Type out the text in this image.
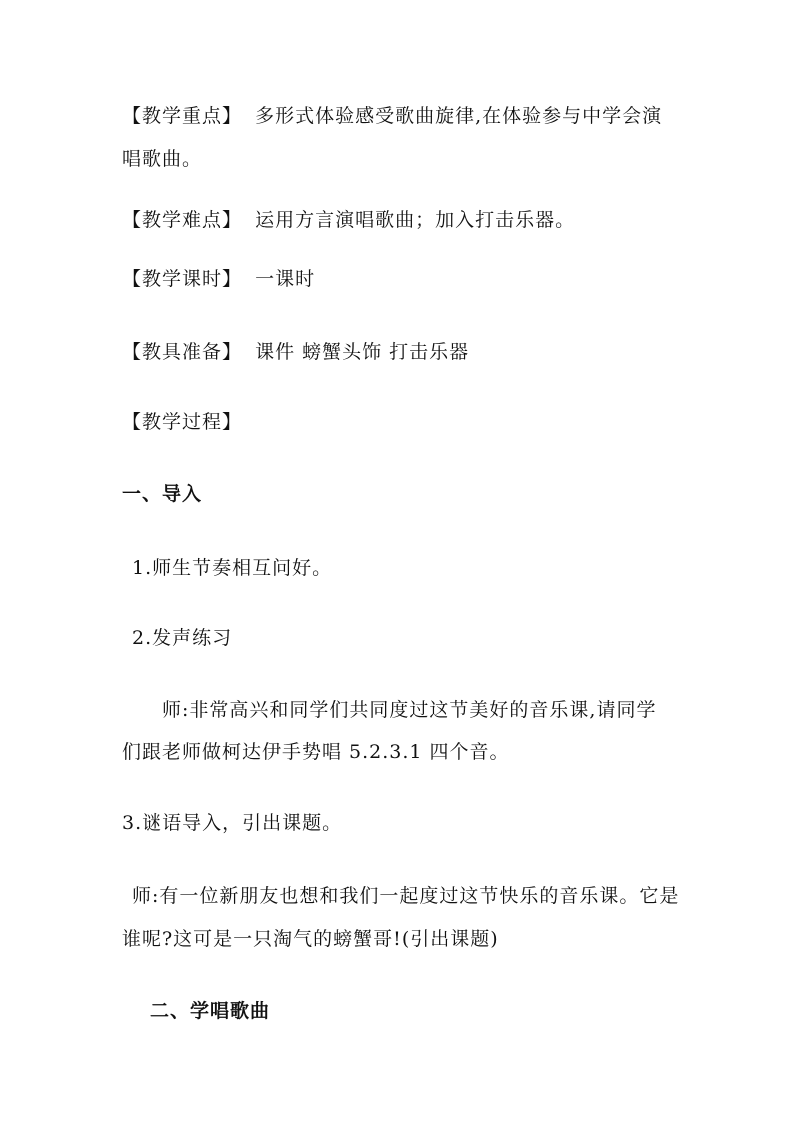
【教学重点】 多形式体验感受歌曲旋律,在体验参与中学会演
唱歌曲。
【教学难点】 运用方言演唱歌曲；加入打击乐器。
【教学课时】 一课时
【教具准备】 课件 螃蟹头饰 打击乐器
【教学过程】
一、导入
1.师生节奏相互问好。
2.发声练习
师:非常高兴和同学们共同度过这节美好的音乐课,请同学
们跟老师做柯达伊手势唱 5.2.3.1 四个音。
3.谜语导入，引出课题。
师:有一位新朋友也想和我们一起度过这节快乐的音乐课。它是
谁呢?这可是一只淘气的螃蟹哥!(引出课题)
二、学唱歌曲
